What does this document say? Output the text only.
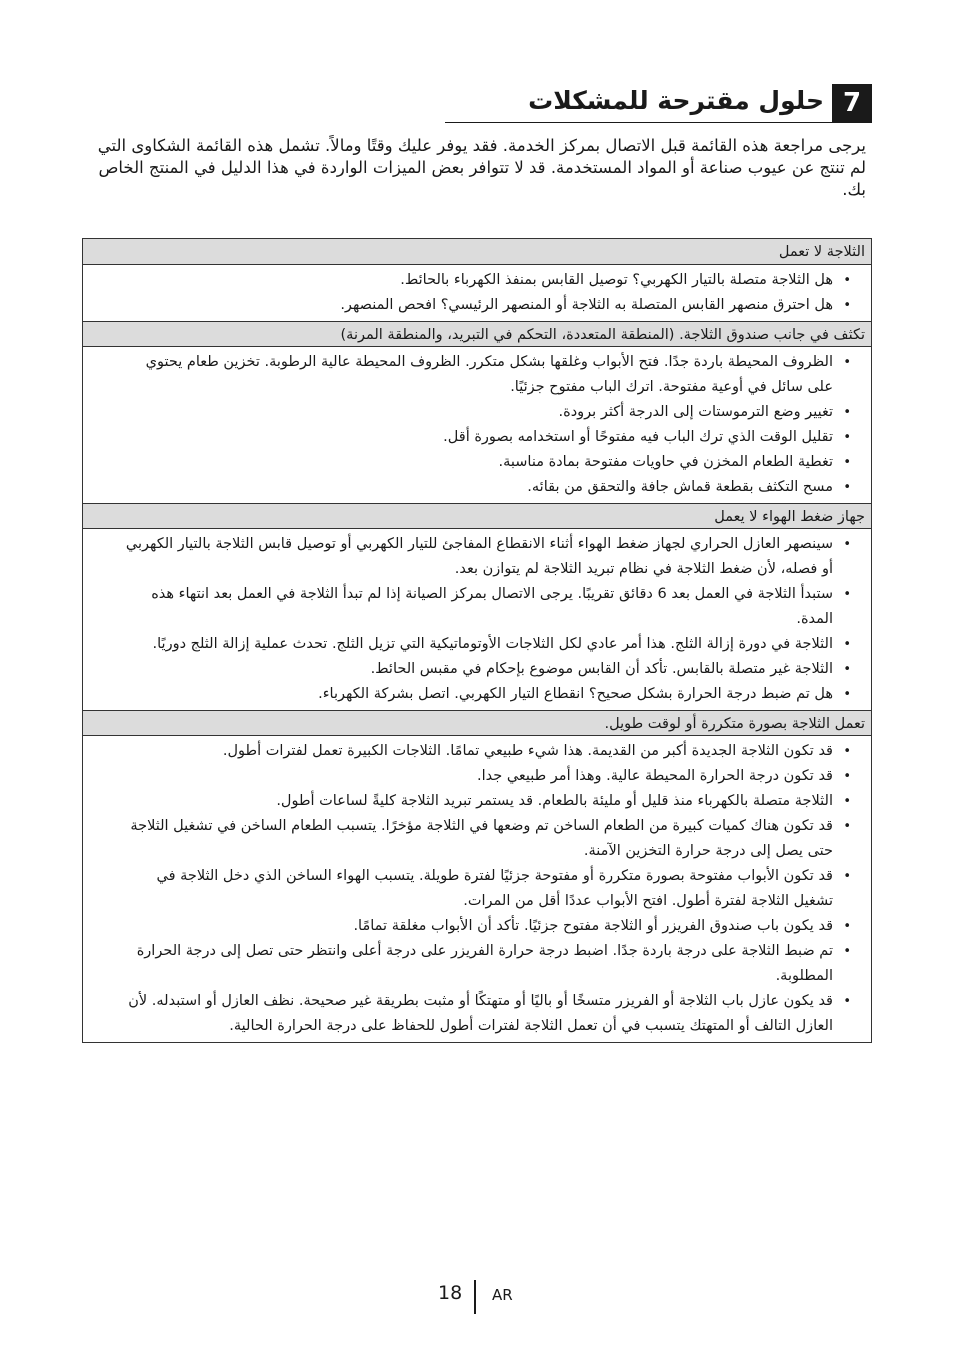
7
حلول مقترحة للمشكلات

يرجى مراجعة هذه القائمة قبل الاتصال بمركز الخدمة. فقد يوفر عليك وقتًا ومالاً. تشمل هذه القائمة الشكاوى التي لم تنتج عن عيوب صناعة أو المواد المستخدمة. قد لا تتوافر بعض الميزات الواردة في هذا الدليل في المنتج الخاص بك.

الثلاجة لا تعمل
• هل الثلاجة متصلة بالتيار الكهربي؟ توصيل القابس بمنفذ الكهرباء بالحائط.
• هل احترق منصهر القابس المتصلة به الثلاجة أو المنصهر الرئيسي؟ افحص المنصهر.
تكثف في جانب صندوق الثلاجة. (المنطقة المتعددة، التحكم في التبريد، والمنطقة المرنة)
• الظروف المحيطة باردة جدًا. فتح الأبواب وغلقها بشكل متكرر. الظروف المحيطة عالية الرطوبة. تخزين طعام يحتوي على سائل في أوعية مفتوحة. اترك الباب مفتوح جزئيًا.
• تغيير وضع الترموستات إلى الدرجة أكثر برودة.
• تقليل الوقت الذي ترك الباب فيه مفتوحًا أو استخدامه بصورة أقل.
• تغطية الطعام المخزن في حاويات مفتوحة بمادة مناسبة.
• مسح التكثف بقطعة قماش جافة والتحقق من بقائه.
جهاز ضغط الهواء لا يعمل
• سينصهر العازل الحراري لجهاز ضغط الهواء أثناء الانقطاع المفاجئ للتيار الكهربي أو توصيل قابس الثلاجة بالتيار الكهربي أو فصله، لأن ضغط الثلاجة في نظام تبريد الثلاجة لم يتوازن بعد.
• ستبدأ الثلاجة في العمل بعد 6 دقائق تقريبًا. يرجى الاتصال بمركز الصيانة إذا لم تبدأ الثلاجة في العمل بعد انتهاء هذه المدة.
• الثلاجة في دورة إزالة الثلج. هذا أمر عادي لكل الثلاجات الأوتوماتيكية التي تزيل الثلج. تحدث عملية إزالة الثلج دوريًا.
• الثلاجة غير متصلة بالقابس. تأكد أن القابس موضوع بإحكام في مقبس الحائط.
• هل تم ضبط درجة الحرارة بشكل صحيح؟ انقطاع التيار الكهربي. اتصل بشركة الكهرباء.
تعمل الثلاجة بصورة متكررة أو لوقت طويل.
• قد تكون الثلاجة الجديدة أكبر من القديمة. هذا شيء طبيعي تمامًا. الثلاجات الكبيرة تعمل لفترات أطول.
• قد تكون درجة الحرارة المحيطة عالية. وهذا أمر طبيعي جدا.
• الثلاجة متصلة بالكهرباء منذ قليل أو مليئة بالطعام. قد يستمر تبريد الثلاجة كليةً لساعات أطول.
• قد تكون هناك كميات كبيرة من الطعام الساخن تم وضعها في الثلاجة مؤخرًا. يتسبب الطعام الساخن في تشغيل الثلاجة حتى يصل إلى درجة حرارة التخزين الآمنة.
• قد تكون الأبواب مفتوحة بصورة متكررة أو مفتوحة جزئيًا لفترة طويلة. يتسبب الهواء الساخن الذي دخل الثلاجة في تشغيل الثلاجة لفترة أطول. افتح الأبواب عددًا أقل من المرات.
• قد يكون باب صندوق الفريزر أو الثلاجة مفتوح جزئيًا. تأكد أن الأبواب مغلقة تمامًا.
• تم ضبط الثلاجة على درجة باردة جدًا. اضبط درجة حرارة الفريزر على درجة أعلى وانتظر حتى تصل إلى درجة الحرارة المطلوبة.
• قد يكون عازل باب الثلاجة أو الفريزر متسخًا أو باليًا أو متهتكًا أو مثبت بطريقة غير صحيحة. نظف العازل أو استبدله. لأن العازل التالف أو المتهتك يتسبب في أن تعمل الثلاجة لفترات أطول للحفاظ على درجة الحرارة الحالية.
18 AR
